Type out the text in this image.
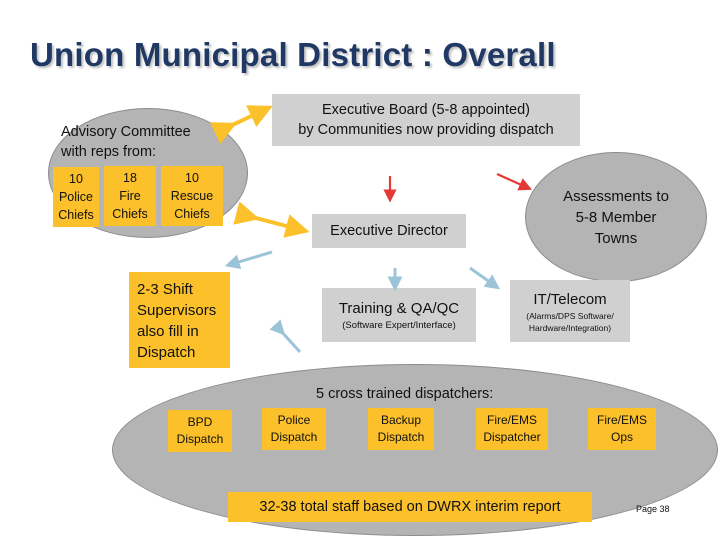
Union Municipal District : Overall
Advisory Committee
with reps from:
10
Police
Chiefs
18
Fire
Chiefs
10
Rescue
Chiefs
Executive Board (5-8 appointed)
by Communities now providing dispatch
Assessments to
5-8 Member
Towns
Executive Director
2-3 Shift
Supervisors
also fill in
Dispatch
Training & QA/QC
(Software Expert/Interface)
IT/Telecom
(Alarms/DPS Software/
Hardware/Integration)
5 cross trained dispatchers:
BPD
Dispatch
Police
Dispatch
Backup
Dispatch
Fire/EMS
Dispatcher
Fire/EMS
Ops
32-38 total staff based on DWRX interim report	Page 38
